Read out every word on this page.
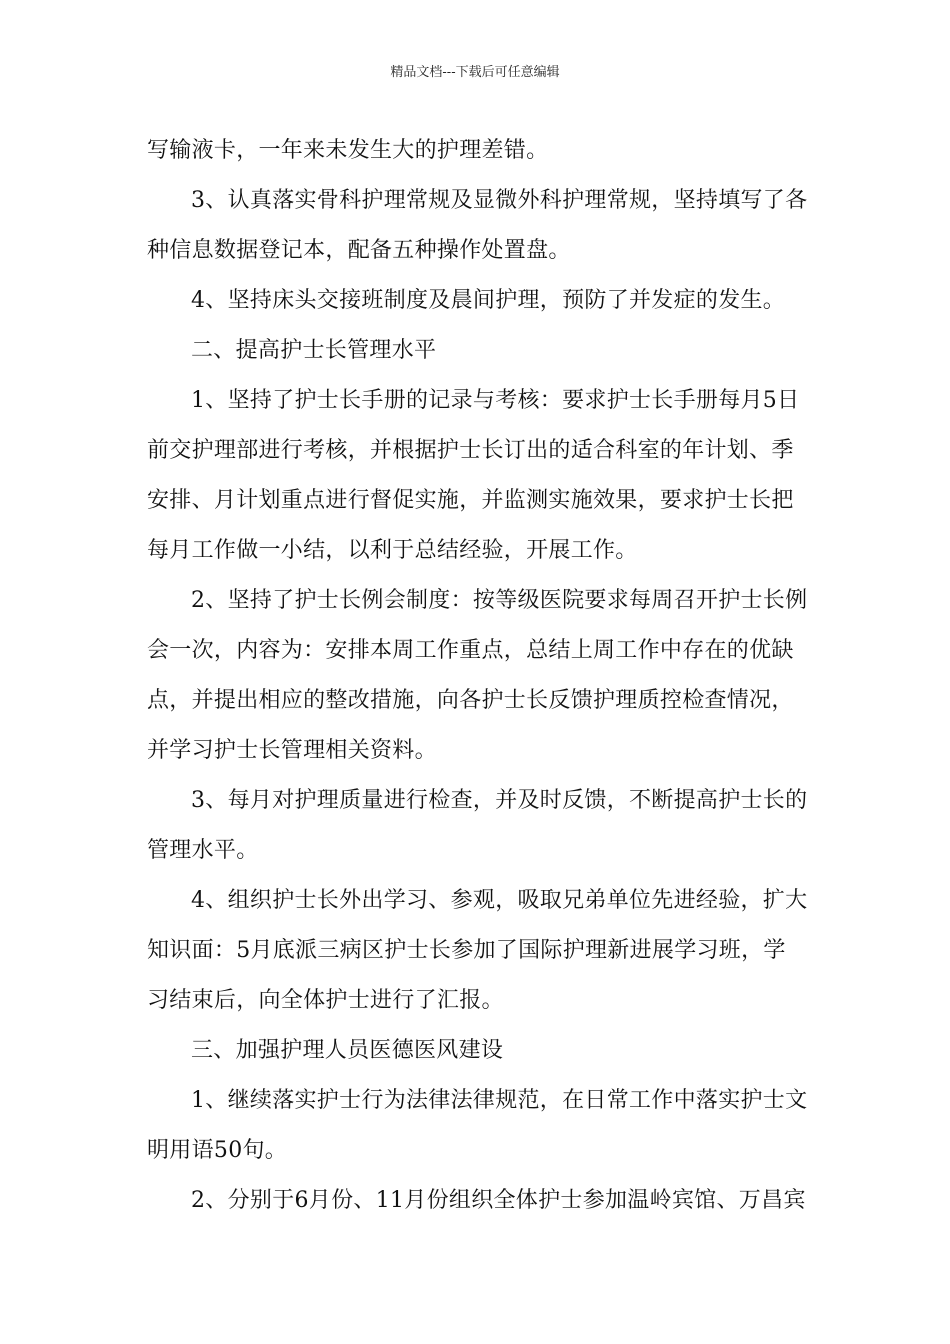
精品文档---下载后可任意编辑
写输液卡，一年来未发生大的护理差错。
3、认真落实骨科护理常规及显微外科护理常规，坚持填写了各
种信息数据登记本，配备五种操作处置盘。
4、坚持床头交接班制度及晨间护理，预防了并发症的发生。
二、提高护士长管理水平
1、坚持了护士长手册的记录与考核：要求护士长手册每月5日
前交护理部进行考核，并根据护士长订出的适合科室的年计划、季
安排、月计划重点进行督促实施，并监测实施效果，要求护士长把
每月工作做一小结，以利于总结经验，开展工作。
2、坚持了护士长例会制度：按等级医院要求每周召开护士长例
会一次，内容为：安排本周工作重点，总结上周工作中存在的优缺
点，并提出相应的整改措施，向各护士长反馈护理质控检查情况，
并学习护士长管理相关资料。
3、每月对护理质量进行检查，并及时反馈，不断提高护士长的
管理水平。
4、组织护士长外出学习、参观，吸取兄弟单位先进经验，扩大
知识面：5月底派三病区护士长参加了国际护理新进展学习班，学
习结束后，向全体护士进行了汇报。
三、加强护理人员医德医风建设
1、继续落实护士行为法律法律规范，在日常工作中落实护士文
明用语50句。
2、分别于6月份、11月份组织全体护士参加温岭宾馆、万昌宾
